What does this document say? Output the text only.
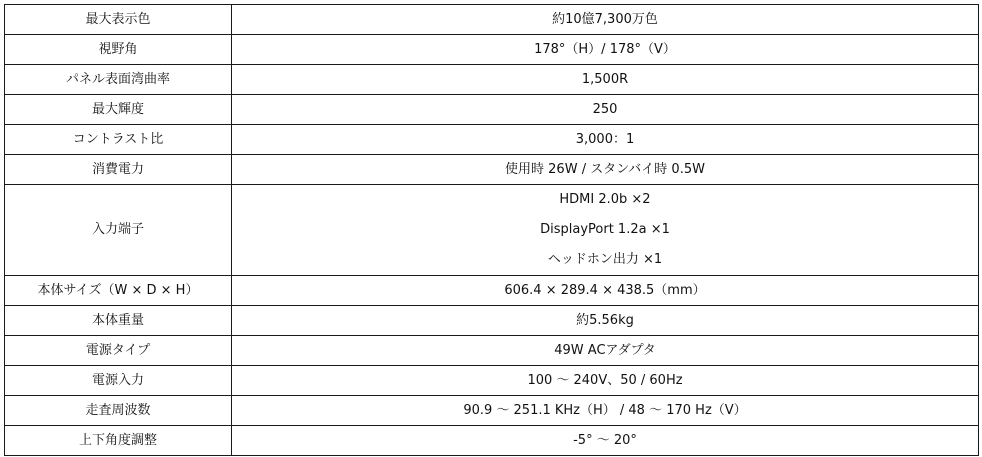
最大表示色	約10億7,300万色
視野角	178°（H）/ 178°（V）
パネル表面湾曲率	1,500R
最大輝度	250
コントラスト比	3,000：1
消費電力	使用時 26W / スタンバイ時 0.5W
入力端子	HDMI 2.0b ×2
DisplayPort 1.2a ×1
ヘッドホン出力 ×1

本体サイズ（W × D × H）	606.4 × 289.4 × 438.5（mm）
本体重量	約5.56kg
電源タイプ	49W ACアダプタ
電源入力	100 ～ 240V、50 / 60Hz
走査周波数	90.9 ～ 251.1 KHz（H） / 48 ～ 170 Hz（V）
上下角度調整	-5° ～ 20°
